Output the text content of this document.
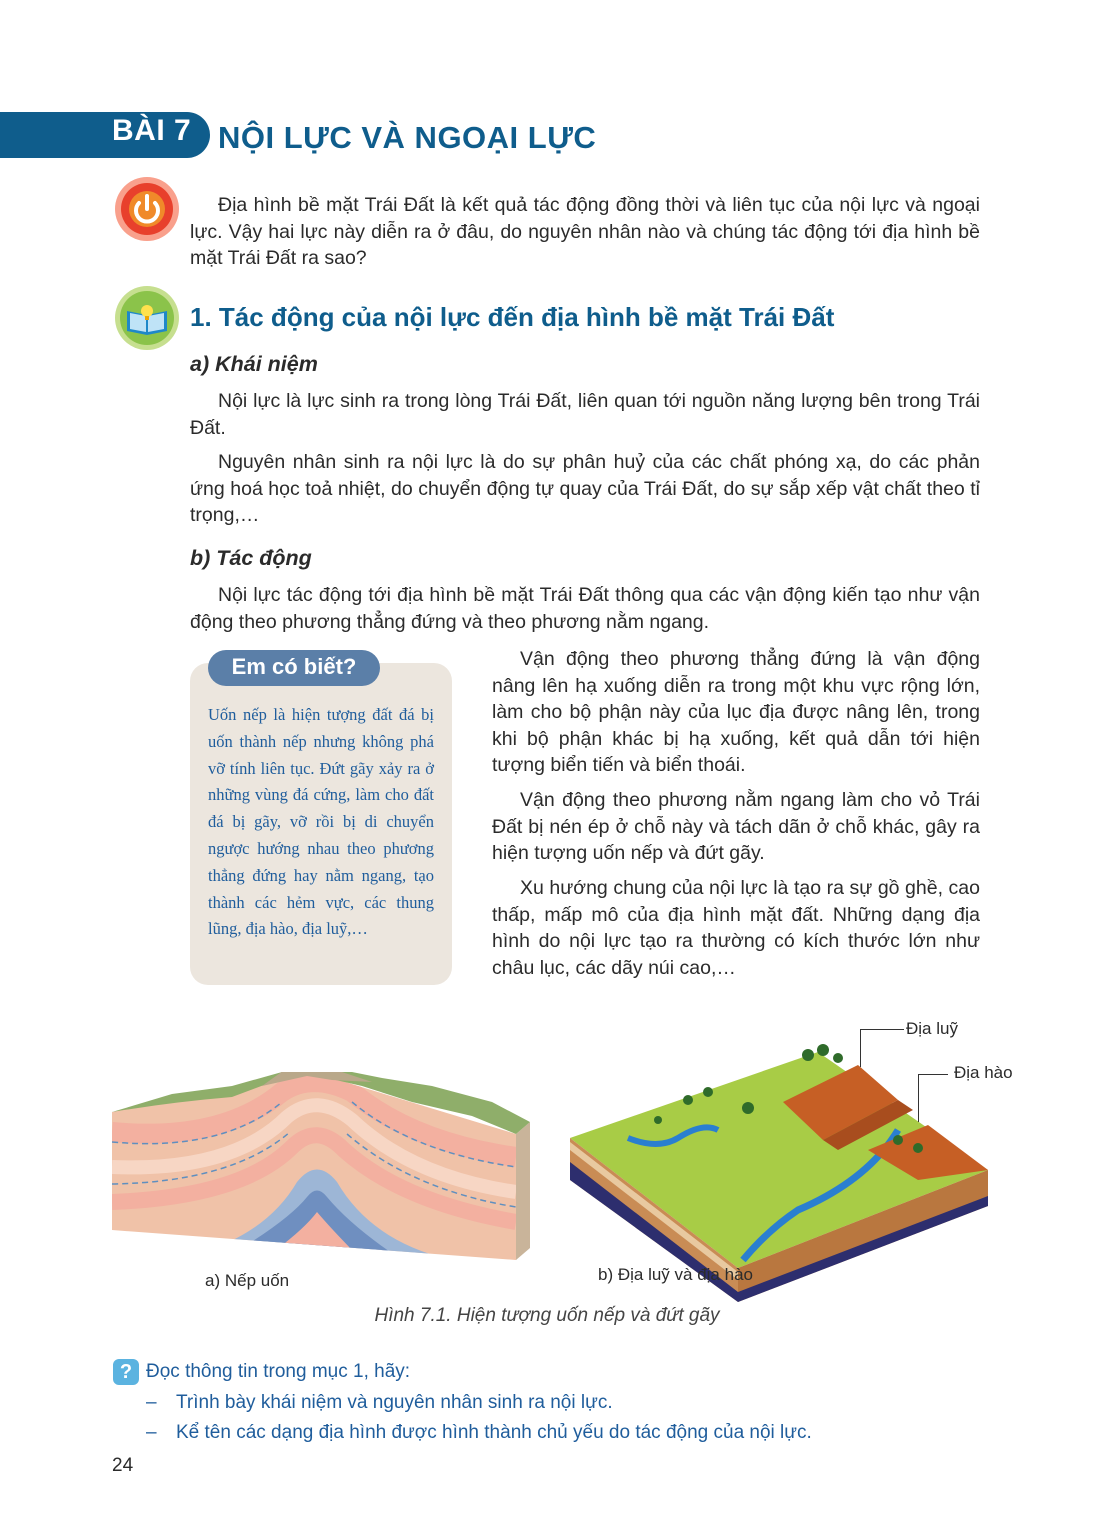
BÀI 7 NỘI LỰC VÀ NGOẠI LỰC
Địa hình bề mặt Trái Đất là kết quả tác động đồng thời và liên tục của nội lực và ngoại lực. Vậy hai lực này diễn ra ở đâu, do nguyên nhân nào và chúng tác động tới địa hình bề mặt Trái Đất ra sao?
1. Tác động của nội lực đến địa hình bề mặt Trái Đất
a) Khái niệm
Nội lực là lực sinh ra trong lòng Trái Đất, liên quan tới nguồn năng lượng bên trong Trái Đất.
Nguyên nhân sinh ra nội lực là do sự phân huỷ của các chất phóng xạ, do các phản ứng hoá học toả nhiệt, do chuyển động tự quay của Trái Đất, do sự sắp xếp vật chất theo tỉ trọng,…
b) Tác động
Nội lực tác động tới địa hình bề mặt Trái Đất thông qua các vận động kiến tạo như vận động theo phương thẳng đứng và theo phương nằm ngang.
Em có biết?
Uốn nếp là hiện tượng đất đá bị uốn thành nếp nhưng không phá vỡ tính liên tục. Đứt gãy xảy ra ở những vùng đá cứng, làm cho đất đá bị gãy, vỡ rồi bị di chuyển ngược hướng nhau theo phương thẳng đứng hay nằm ngang, tạo thành các hẻm vực, các thung lũng, địa hào, địa luỹ,…
Vận động theo phương thẳng đứng là vận động nâng lên hạ xuống diễn ra trong một khu vực rộng lớn, làm cho bộ phận này của lục địa được nâng lên, trong khi bộ phận khác bị hạ xuống, kết quả dẫn tới hiện tượng biển tiến và biển thoái.
Vận động theo phương nằm ngang làm cho vỏ Trái Đất bị nén ép ở chỗ này và tách dãn ở chỗ khác, gây ra hiện tượng uốn nếp và đứt gãy.
Xu hướng chung của nội lực là tạo ra sự gồ ghề, cao thấp, mấp mô của địa hình mặt đất. Những dạng địa hình do nội lực tạo ra thường có kích thước lớn như châu lục, các dãy núi cao,…
a) Nếp uốn
Địa luỹ
Địa hào
b) Địa luỹ và địa hào
Hình 7.1. Hiện tượng uốn nếp và đứt gãy
? Đọc thông tin trong mục 1, hãy:
– Trình bày khái niệm và nguyên nhân sinh ra nội lực.
– Kể tên các dạng địa hình được hình thành chủ yếu do tác động của nội lực.
24
